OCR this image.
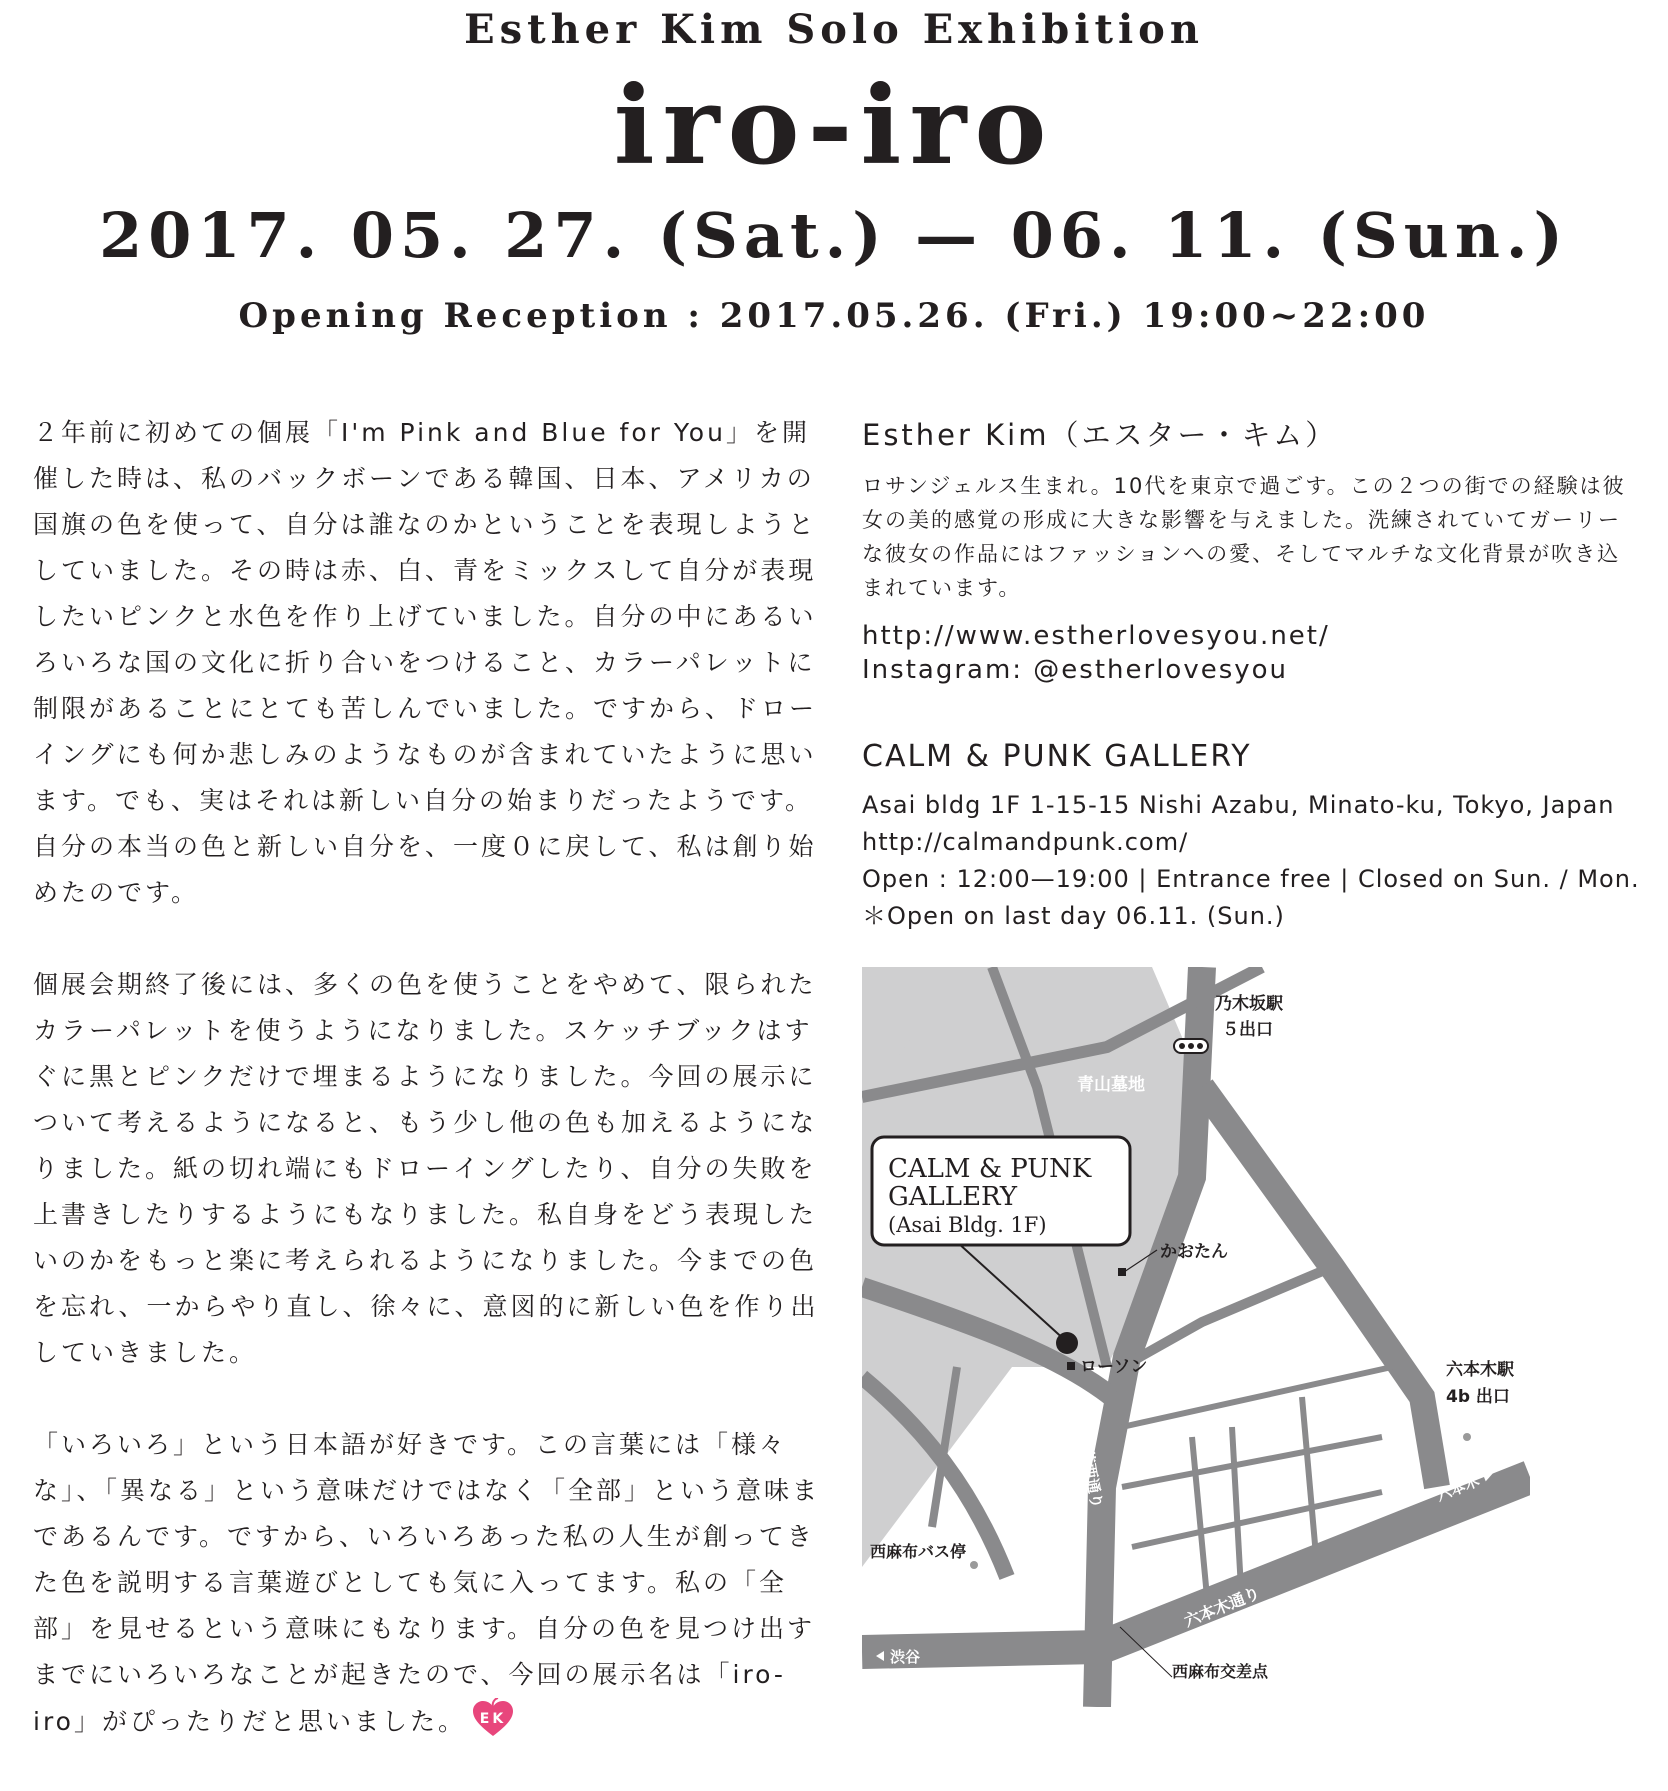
Esther Kim Solo Exhibition
iro-iro
2017. 05. 27. (Sat.) — 06. 11. (Sun.)
Opening Reception : 2017.05.26. (Fri.) 19:00~22:00

２年前に初めての個展「I'm Pink and Blue for You」を開催した時は、私のバックボーンである韓国、日本、アメリカの国旗の色を使って、自分は誰なのかということを表現しようとしていました。その時は赤、白、青をミックスして自分が表現したいピンクと水色を作り上げていました。自分の中にあるいろいろな国の文化に折り合いをつけること、カラーパレットに制限があることにとても苦しんでいました。ですから、ドローイングにも何か悲しみのようなものが含まれていたように思います。でも、実はそれは新しい自分の始まりだったようです。自分の本当の色と新しい自分を、一度０に戻して、私は創り始めたのです。

個展会期終了後には、多くの色を使うことをやめて、限られたカラーパレットを使うようになりました。スケッチブックはすぐに黒とピンクだけで埋まるようになりました。今回の展示について考えるようになると、もう少し他の色も加えるようになりました。紙の切れ端にもドローイングしたり、自分の失敗を上書きしたりするようにもなりました。私自身をどう表現したいのかをもっと楽に考えられるようになりました。今までの色を忘れ、一からやり直し、徐々に、意図的に新しい色を作り出していきました。

「いろいろ」という日本語が好きです。この言葉には「様々な」、「異なる」という意味だけではなく「全部」という意味まであるんです。ですから、いろいろあった私の人生が創ってきた色を説明する言葉遊びとしても気に入ってます。私の「全部」を見せるという意味にもなります。自分の色を見つけ出すまでにいろいろなことが起きたので、今回の展示名は「iro-iro」がぴったりだと思いました。 EK

Esther Kim（エスター・キム）

ロサンジェルス生まれ。10代を東京で過ごす。この２つの街での経験は彼女の美的感覚の形成に大きな影響を与えました。洗練されていてガーリーな彼女の作品にはファッションへの愛、そしてマルチな文化背景が吹き込まれています。

http://www.estherlovesyou.net/
Instagram: @estherlovesyou

CALM & PUNK GALLERY

Asai bldg 1F 1-15-15 Nishi Azabu, Minato-ku, Tokyo, Japan
http://calmandpunk.com/
Open : 12:00—19:00 | Entrance free | Closed on Sun. / Mon.
＊Open on last day 06.11. (Sun.)
CALM & PUNK
GALLERY
(Asai Bldg. 1F)
青山墓地
乃木坂駅
５出口
かおたん
ローソン	六本木駅
4b 出口
西麻布バス停
西麻布交差点
六本木通り
外苑西通り	六本木
渋谷
